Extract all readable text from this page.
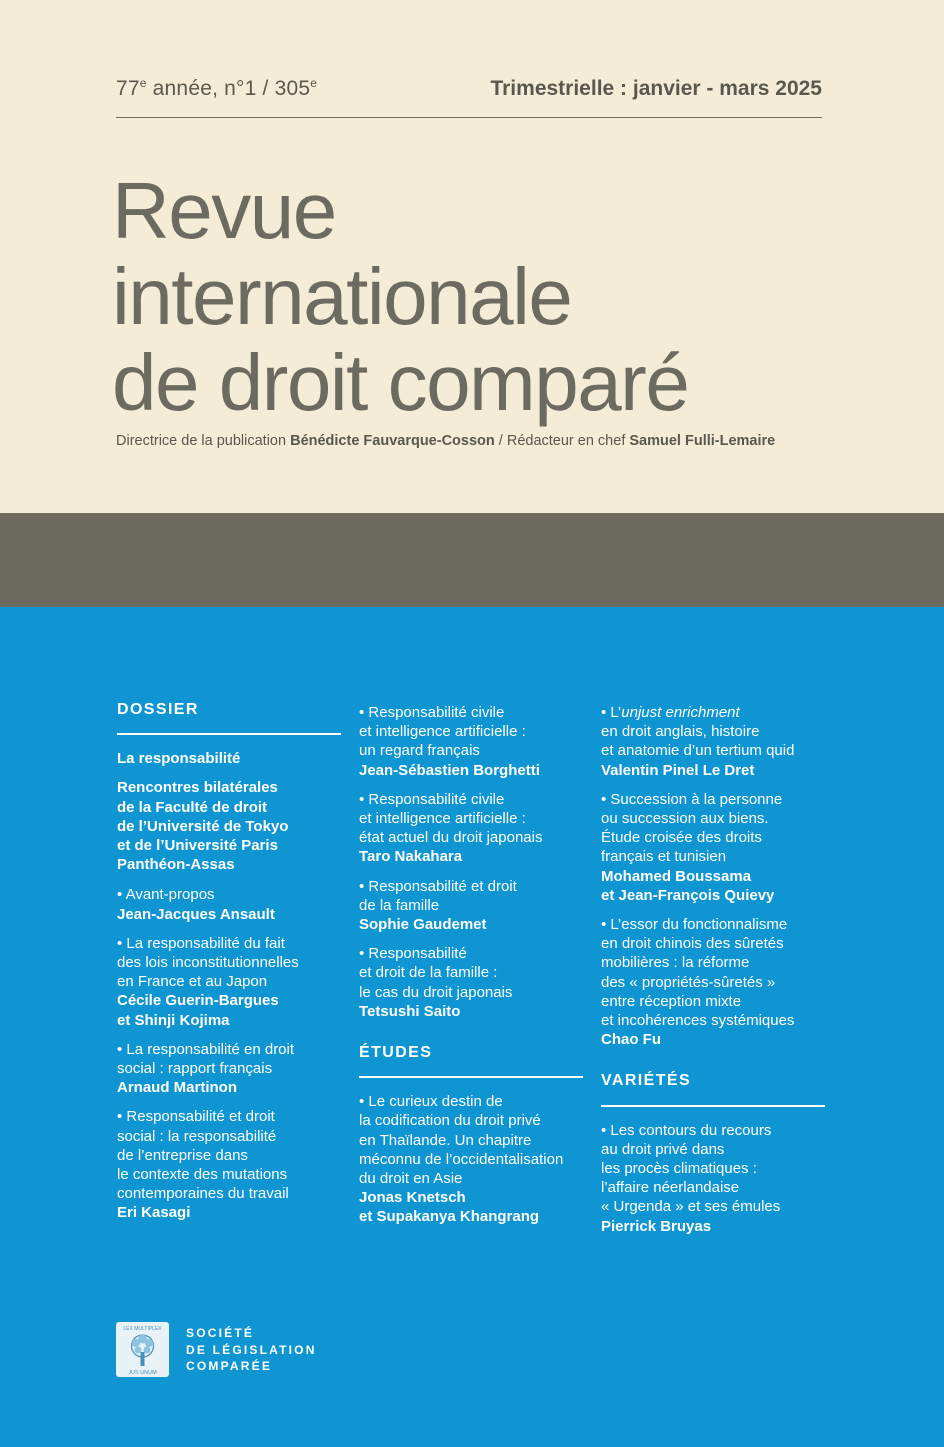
77e année, n°1 / 305e	Trimestrielle : janvier - mars 2025
Revue
internationale
de droit comparé
Directrice de la publication Bénédicte Fauvarque-Cosson / Rédacteur en chef Samuel Fulli-Lemaire
DOSSIER
La responsabilité
Rencontres bilatérales
de la Faculté de droit
de l’Université de Tokyo
et de l’Université Paris
Panthéon-Assas
• Avant-propos
Jean-Jacques Ansault
• La responsabilité du fait
des lois inconstitutionnelles
en France et au Japon
Cécile Guerin-Bargues
et Shinji Kojima
• La responsabilité en droit
social : rapport français
Arnaud Martinon
• Responsabilité et droit
social : la responsabilité
de l’entreprise dans
le contexte des mutations
contemporaines du travail
Eri Kasagi
• Responsabilité civile
et intelligence artificielle :
un regard français
Jean-Sébastien Borghetti
• Responsabilité civile
et intelligence artificielle :
état actuel du droit japonais
Taro Nakahara
• Responsabilité et droit
de la famille
Sophie Gaudemet
• Responsabilité
et droit de la famille :
le cas du droit japonais
Tetsushi Saito
ÉTUDES
• Le curieux destin de
la codification du droit privé
en Thaïlande. Un chapitre
méconnu de l’occidentalisation
du droit en Asie
Jonas Knetsch
et Supakanya Khangrang
• L’unjust enrichment
en droit anglais, histoire
et anatomie d’un tertium quid
Valentin Pinel Le Dret
• Succession à la personne
ou succession aux biens.
Étude croisée des droits
français et tunisien
Mohamed Boussama
et Jean-François Quievy
• L’essor du fonctionnalisme
en droit chinois des sûretés
mobilières : la réforme
des « propriétés-sûretés »
entre réception mixte
et incohérences systémiques
Chao Fu
VARIÉTÉS
• Les contours du recours
au droit privé dans
les procès climatiques :
l’affaire néerlandaise
« Urgenda » et ses émules
Pierrick Bruyas
LEX MULTIPLEX
JUS UNUM
SOCIÉTÉ
DE LÉGISLATION
COMPARÉE
